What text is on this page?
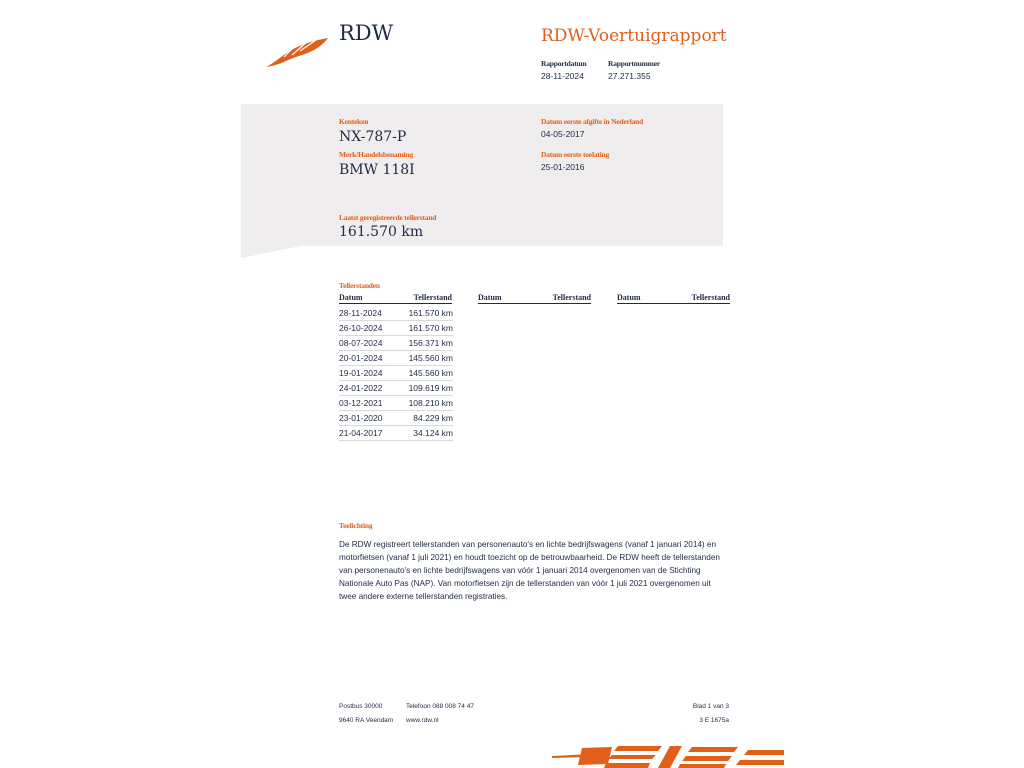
RDW	RDW-Voertuigrapport
Rapportdatum
28-11-2024
Rapportnummer
27.271.355
Kenteken
NX-787-P
Merk/Handelsbenaming
BMW 118I
Datum eerste afgifte in Nederland
04-05-2017
Datum eerste toelating
25-01-2016
Laatst geregistreerde tellerstand
161.570 km
Tellerstanden
Datum	Tellerstand	Datum	Tellerstand	Datum	Tellerstand
28-11-2024	161.570 km
26-10-2024	161.570 km
08-07-2024	156.371 km
20-01-2024	145.560 km
19-01-2024	145.560 km
24-01-2022	109.619 km
03-12-2021	108.210 km
23-01-2020	84.229 km
21-04-2017	34.124 km
Toelichting
De RDW registreert tellerstanden van personenauto's en lichte bedrijfswagens (vanaf 1 januari 2014) en motorfietsen (vanaf 1 juli 2021) en houdt toezicht op de betrouwbaarheid. De RDW heeft de tellerstanden van personenauto's en lichte bedrijfswagens van vóór 1 januari 2014 overgenomen van de Stichting Nationale Auto Pas (NAP). Van motorfietsen zijn de tellerstanden van vóór 1 juli 2021 overgenomen uit twee andere externe tellerstanden registraties.
Postbus 30000
9640 RA Veendam
Telefoon 088 008 74 47
www.rdw.nl
Blad 1 van 3
3 E 1675a
